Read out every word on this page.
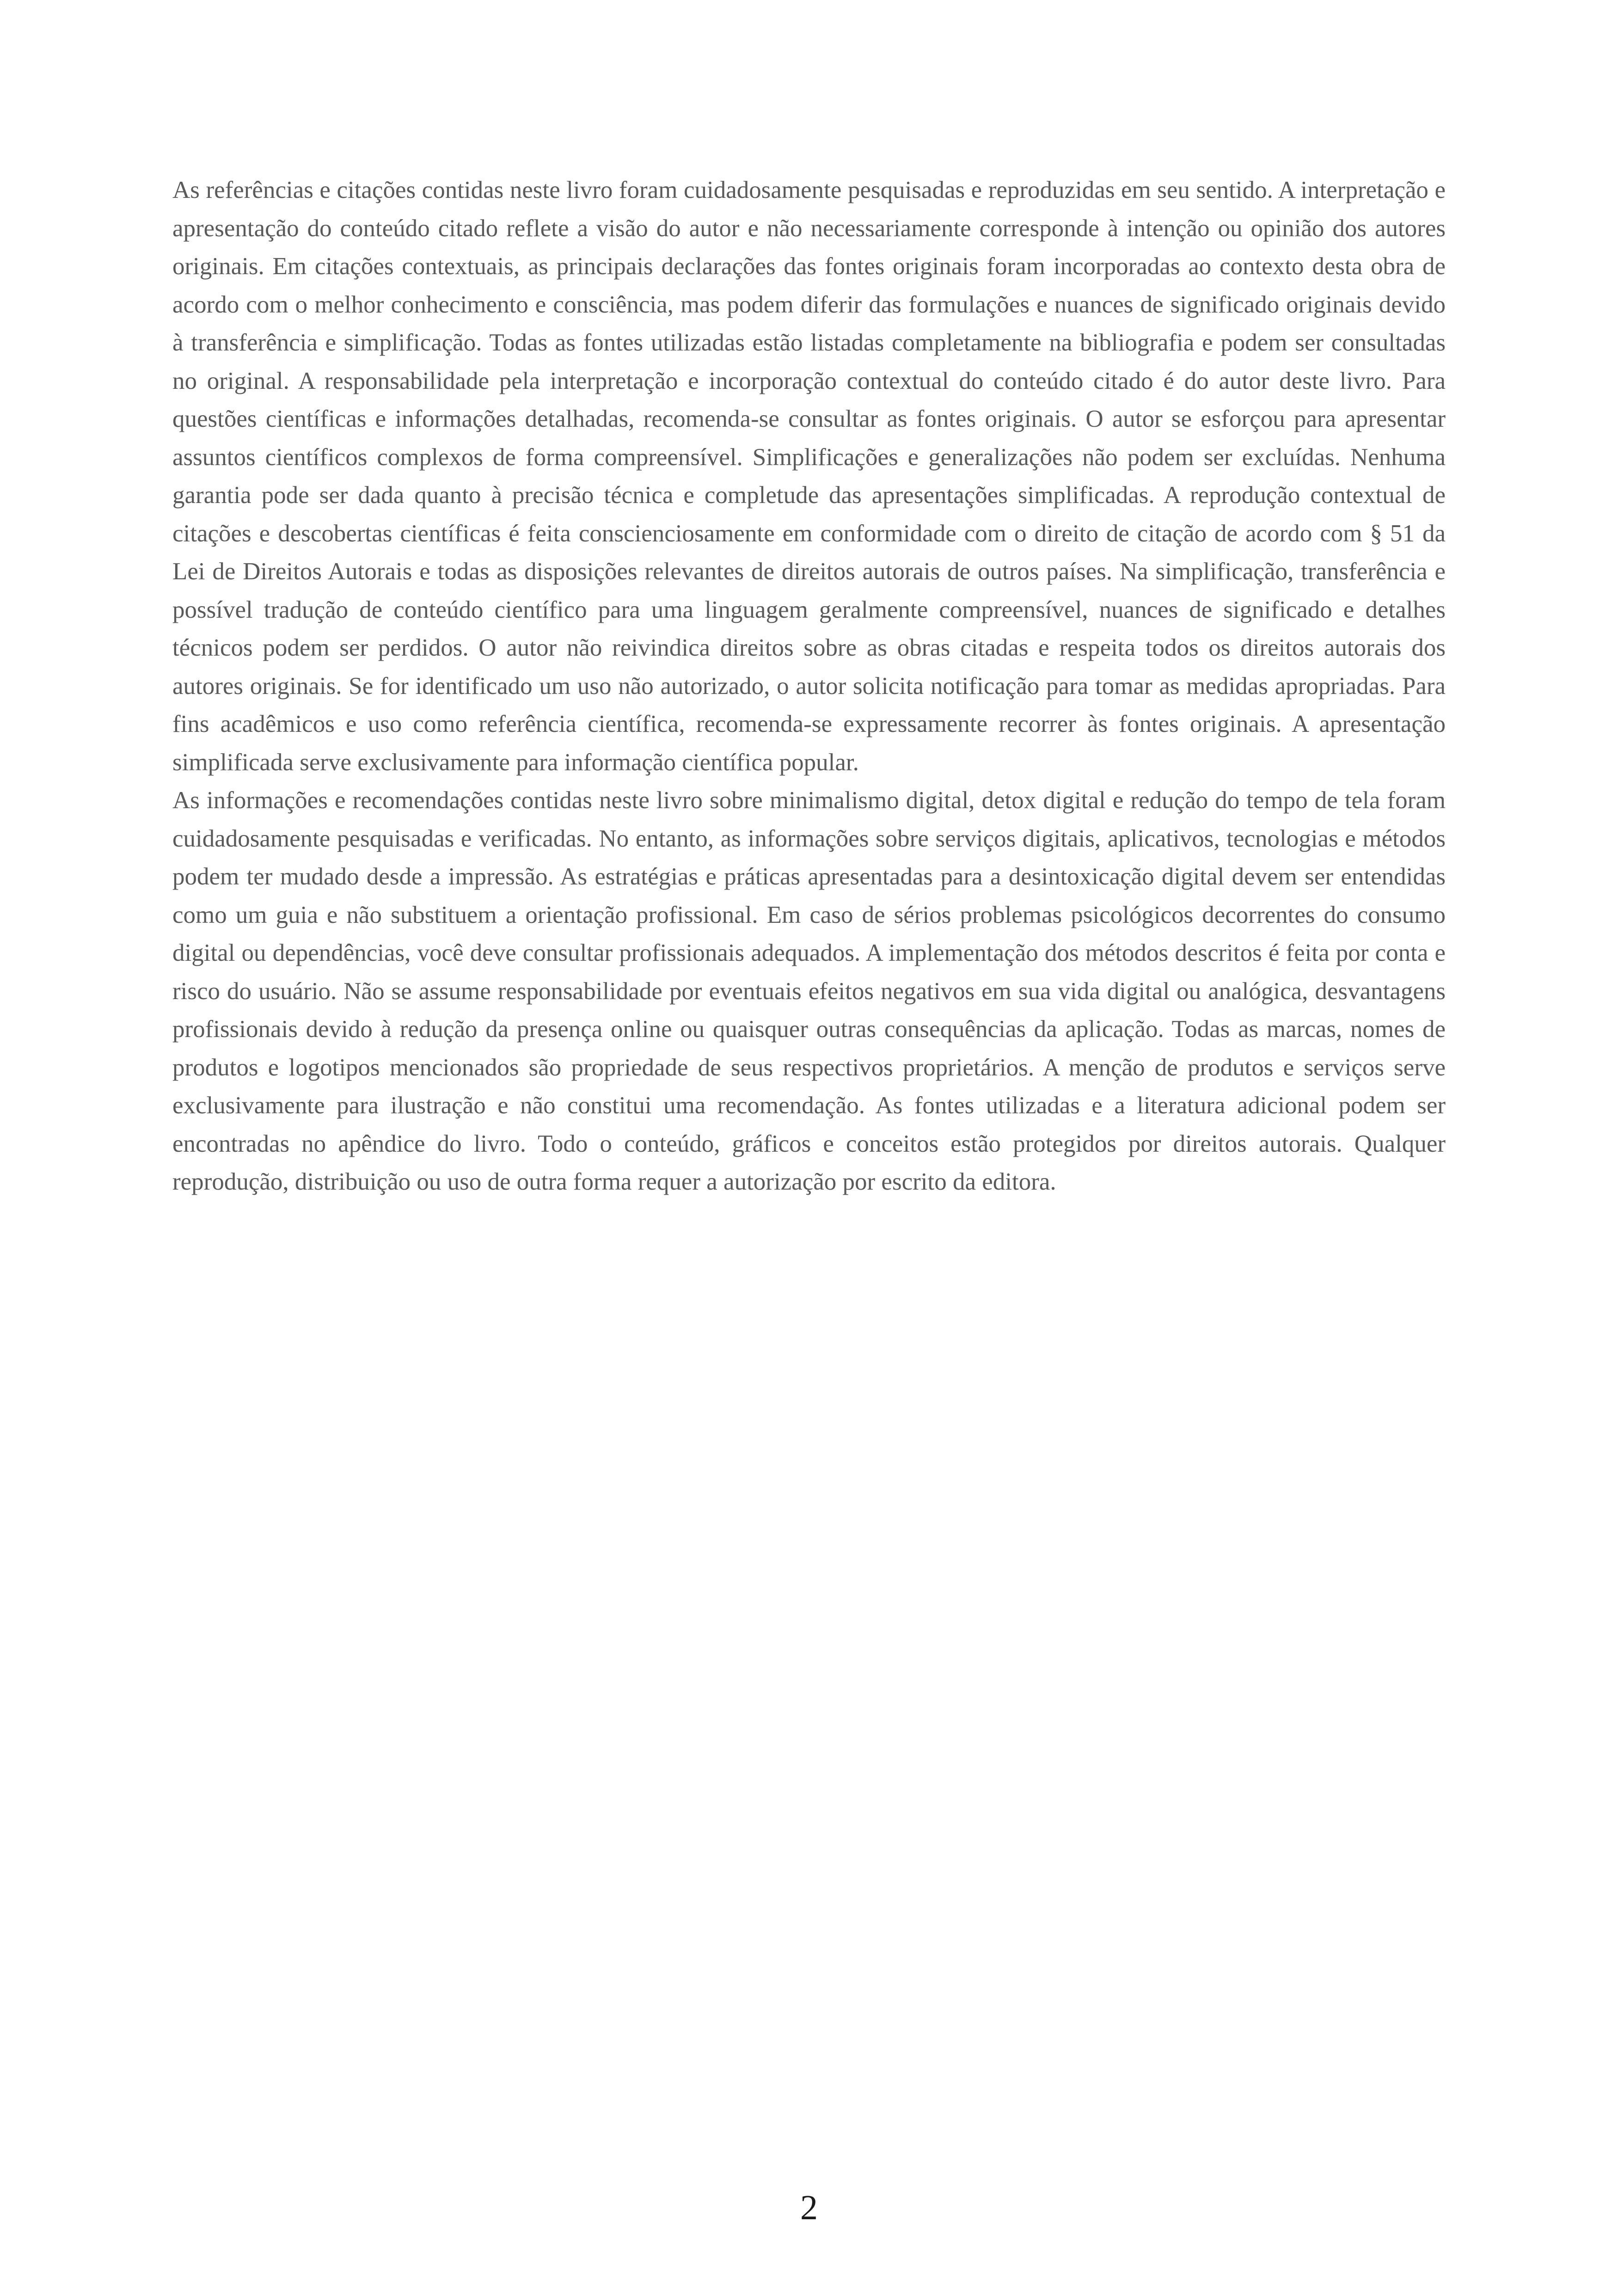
As referências e citações contidas neste livro foram cuidadosamente pesquisadas e reproduzidas em seu sentido. A interpretação e apresentação do conteúdo citado reflete a visão do autor e não necessariamente corresponde à intenção ou opinião dos autores originais. Em citações contextuais, as principais declarações das fontes originais foram incorporadas ao contexto desta obra de acordo com o melhor conhecimento e consciência, mas podem diferir das formulações e nuances de significado originais devido à transferência e simplificação. Todas as fontes utilizadas estão listadas completamente na bibliografia e podem ser consultadas no original. A responsabilidade pela interpretação e incorporação contextual do conteúdo citado é do autor deste livro. Para questões científicas e informações detalhadas, recomenda-se consultar as fontes originais. O autor se esforçou para apresentar assuntos científicos complexos de forma compreensível. Simplificações e generalizações não podem ser excluídas. Nenhuma garantia pode ser dada quanto à precisão técnica e completude das apresentações simplificadas. A reprodução contextual de citações e descobertas científicas é feita conscienciosamente em conformidade com o direito de citação de acordo com § 51 da Lei de Direitos Autorais e todas as disposições relevantes de direitos autorais de outros países. Na simplificação, transferência e possível tradução de conteúdo científico para uma linguagem geralmente compreensível, nuances de significado e detalhes técnicos podem ser perdidos. O autor não reivindica direitos sobre as obras citadas e respeita todos os direitos autorais dos autores originais. Se for identificado um uso não autorizado, o autor solicita notificação para tomar as medidas apropriadas. Para fins acadêmicos e uso como referência científica, recomenda-se expressamente recorrer às fontes originais. A apresentação simplificada serve exclusivamente para informação científica popular.

As informações e recomendações contidas neste livro sobre minimalismo digital, detox digital e redução do tempo de tela foram cuidadosamente pesquisadas e verificadas. No entanto, as informações sobre serviços digitais, aplicativos, tecnologias e métodos podem ter mudado desde a impressão. As estratégias e práticas apresentadas para a desintoxicação digital devem ser entendidas como um guia e não substituem a orientação profissional. Em caso de sérios problemas psicológicos decorrentes do consumo digital ou dependências, você deve consultar profissionais adequados. A implementação dos métodos descritos é feita por conta e risco do usuário. Não se assume responsabilidade por eventuais efeitos negativos em sua vida digital ou analógica, desvantagens profissionais devido à redução da presença online ou quaisquer outras consequências da aplicação. Todas as marcas, nomes de produtos e logotipos mencionados são propriedade de seus respectivos proprietários. A menção de produtos e serviços serve exclusivamente para ilustração e não constitui uma recomendação. As fontes utilizadas e a literatura adicional podem ser encontradas no apêndice do livro. Todo o conteúdo, gráficos e conceitos estão protegidos por direitos autorais. Qualquer reprodução, distribuição ou uso de outra forma requer a autorização por escrito da editora.

2
